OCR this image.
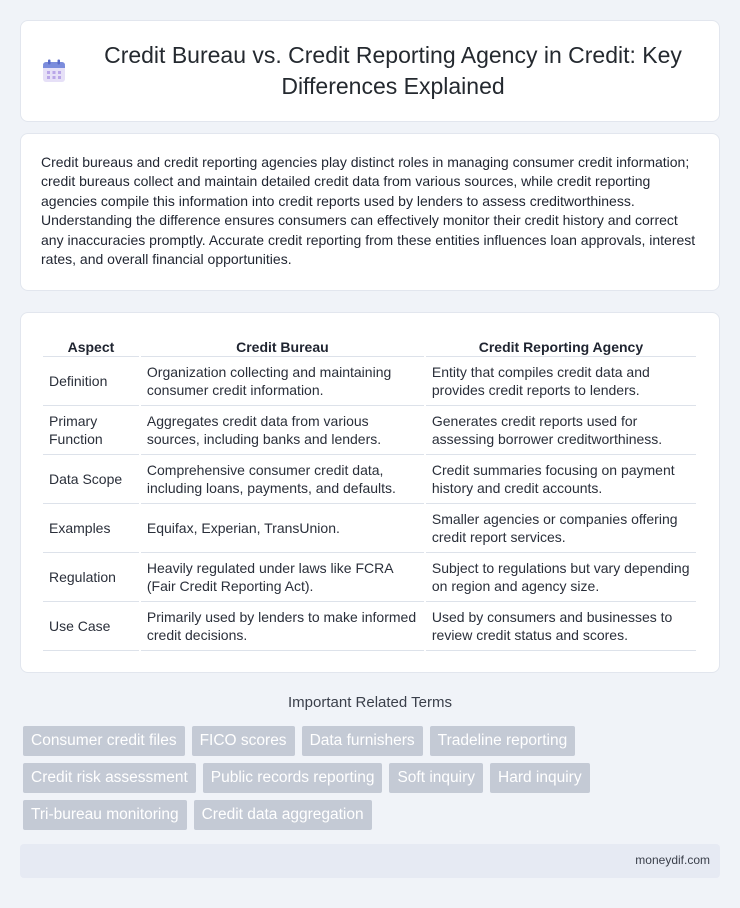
Credit Bureau vs. Credit Reporting Agency in Credit: Key Differences Explained

Credit bureaus and credit reporting agencies play distinct roles in managing consumer credit information; credit bureaus collect and maintain detailed credit data from various sources, while credit reporting agencies compile this information into credit reports used by lenders to assess creditworthiness. Understanding the difference ensures consumers can effectively monitor their credit history and correct any inaccuracies promptly. Accurate credit reporting from these entities influences loan approvals, interest rates, and overall financial opportunities.

Aspect	Credit Bureau	Credit Reporting Agency
Definition	Organization collecting and maintaining consumer credit information.	Entity that compiles credit data and provides credit reports to lenders.
Primary Function	Aggregates credit data from various sources, including banks and lenders.	Generates credit reports used for assessing borrower creditworthiness.
Data Scope	Comprehensive consumer credit data, including loans, payments, and defaults.	Credit summaries focusing on payment history and credit accounts.
Examples	Equifax, Experian, TransUnion.	Smaller agencies or companies offering credit report services.
Regulation	Heavily regulated under laws like FCRA (Fair Credit Reporting Act).	Subject to regulations but vary depending on region and agency size.
Use Case	Primarily used by lenders to make informed credit decisions.	Used by consumers and businesses to review credit status and scores.
Important Related Terms
Consumer credit files	FICO scores	Data furnishers	Tradeline reporting
Credit risk assessment	Public records reporting	Soft inquiry	Hard inquiry
Tri-bureau monitoring	Credit data aggregation
moneydif.com
